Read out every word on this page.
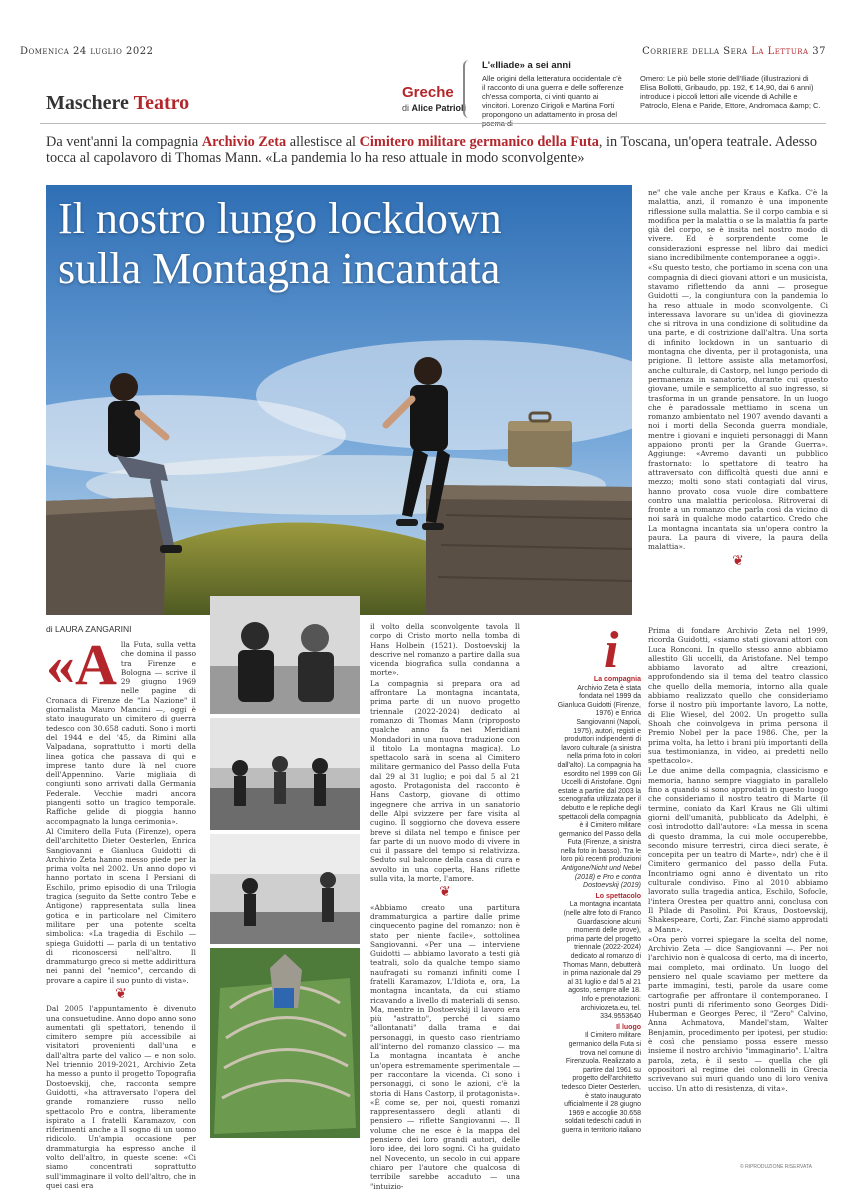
Domenica 24 luglio 2022	Corriere della Sera La Lettura 37
Maschere Teatro	Greche
di Alice Patrioli
L'«Iliade» a sei anni
Alle origini della letteratura occidentale c'è il racconto di una guerra e delle sofferenze ch'essa comporta, ci vinti quanto ai vincitori. Lorenzo Cirigoli e Martina Forti propongono un adattamento in prosa del
Omero: Le più belle storie dell'Iliade (illustrazioni di Elisa Bollotti, Gribaudo, pp. 192, € 14,90, dai 6 anni) introduce i piccoli lettori alle vicende di Achille e Patroclo, Elena e Paride, Ettore, Andromaca &amp; C.
Da vent'anni la compagnia Archivio Zeta allestisce al Cimitero militare germanico della Futa, in Toscana, un'opera teatrale. Adesso tocca al capolavoro di Thomas Mann. «La pandemia lo ha reso attuale in modo sconvolgente»
Il nostro lungo lockdown
sulla Montagna incantata

ne" che vale anche per Kraus e Kafka. C'è la malattia, anzi, il romanzo è una imponente riflessione sulla malattia. Se il corpo cambia e si modifica per la malattia o se la malattia fa parte già del corpo, se è insita nel nostro modo di vivere. Ed è sorprendente come le considerazioni espresse nel libro dai medici siano incredibilmente contemporanee a oggi».

«Su questo testo, che portiamo in scena con una compagnia di dieci giovani attori e un musicista, stavamo riflettendo da anni — prosegue Guidotti —, la congiuntura con la pandemia lo ha reso attuale in modo sconvolgente. Ci interessava lavorare su un'idea di giovinezza che si ritrova in una condizione di solitudine da una parte, e di costrizione dall'altra. Una sorta di infinito lockdown in un santuario di montagna che diventa, per il protagonista, una prigione. Il lettore assiste alla metamorfosi, anche culturale, di Castorp, nel lungo periodo di permanenza in sanatorio, durante cui questo giovane, umile e semplicetto al suo ingresso, si trasforma in un grande pensatore. In un luogo che è paradossale mettiamo in scena un romanzo ambientato nel 1907 avendo davanti a noi i morti della Seconda guerra mondiale, mentre i giovani e inquieti personaggi di Mann appaiono pronti per la Grande Guerra». Aggiunge: «Avremo davanti un pubblico frastornato: lo spettatore di teatro ha attraversato con difficoltà questi due anni e mezzo; molti sono stati contagiati dal virus, hanno provato cosa vuole dire combattere contro una malattia pericolosa. Ritroverai di fronte a un romanzo che parla così da vicino di noi sarà in qualche modo catartico. Credo che La montagna incantata sia un'opera contro la paura. La paura di vivere, la paura della malattia».

❦
di LAURA ZANGARINI

«A lla Futa, sulla vetta che domina il passo tra Firenze e Bologna — scrive il 29 giugno 1969 nelle pagine di Cronaca di Firenze de "La Nazione" il giornalista Mauro Mancini —, oggi è stato inaugurato un cimitero di guerra tedesco con 30.658 caduti. Sono i morti del 1944 e del '45, da Rimini alla Valpadana, soprattutto i morti della linea gotica che passava di qui e imprese tanto dure là nel cuore dell'Appennino. Varie migliaia di congiunti sono arrivati dalla Germania Federale. Vecchie madri ancora piangenti sotto un tragico temporale. Raffiche gelide di pioggia hanno accompagnato la lunga cerimonia».

Al Cimitero della Futa (Firenze), opera dell'architetto Dieter Oesterlen, Enrica Sangiovanni e Gianluca Guidotti di Archivio Zeta hanno messo piede per la prima volta nel 2002. Un anno dopo vi hanno portato in scena I Persiani di Eschilo, primo episodio di una Trilogia tragica (seguito da Sette contro Tebe e Antigone) rappresentata sulla linea gotica e in particolare nel Cimitero militare per una potente scelta simbolica: «La tragedia di Eschilo — spiega Guidotti — parla di un tentativo di riconoscersi nell'altro. Il drammaturgo greco si mette addirittura nei panni del "nemico", cercando di provare a capire il suo punto di vista».

❦

Dal 2005 l'appuntamento è divenuto una consuetudine. Anno dopo anno sono aumentati gli spettatori, tenendo il cimitero sempre più accessibile ai visitatori provenienti dall'una e dall'altra parte del valico — e non solo. Nel triennio 2019-2021, Archivio Zeta ha messo a punto il progetto Topografia Dostoevskij, che, racconta sempre Guidotti, «ha attraversato l'opera del grande romanziere russo nello spettacolo Pro e contra, liberamente ispirato a I fratelli Karamazov, con riferimenti anche a Il sogno di un uomo ridicolo. Un'ampia occasione per drammaturgia ha espresso anche il volto dell'altro, in queste scene: «Ci siamo concentrati soprattutto sull'immaginare il volto dell'altro, che in quei casi era

il volto della sconvolgente tavola Il corpo di Cristo morto nella tomba di Hans Holbein (1521). Dostoevskij la descrive nel romanzo a partire dalla sua vicenda biografica sulla condanna a morte».

La compagnia si prepara ora ad affrontare La montagna incantata, prima parte di un nuovo progetto triennale (2022-2024) dedicato al romanzo di Thomas Mann (riproposto qualche anno fa nei Meridiani Mondadori in una nuova traduzione con il titolo La montagna magica). Lo spettacolo sarà in scena al Cimitero militare germanico del Passo della Futa dal 29 al 31 luglio; e poi dal 5 al 21 agosto. Protagonista del racconto è Hans Castorp, giovane di ottimo ingegnere che arriva in un sanatorio delle Alpi svizzere per fare visita al cugino. Il soggiorno che doveva essere breve si dilata nel tempo e finisce per far parte di un nuovo modo di vivere in cui il passare del tempo si relativizza. Seduto sul balcone della casa di cura e avvolto in una coperta, Hans riflette sulla vita, la morte, l'amore.

❦

«Abbiamo creato una partitura drammaturgica a partire dalle prime cinquecento pagine del romanzo: non è stato per niente facile», sottolinea Sangiovanni. «Per una — interviene Guidotti — abbiamo lavorato a testi già teatrali, solo da qualche tempo siamo naufragati su romanzi infiniti come I fratelli Karamazov, L'Idiota e, ora, La montagna incantata, da cui stiamo ricavando a livello di materiali di senso. Ma, mentre in Dostoevskij il lavoro era più "astratto", perché ci siamo "allontanati" dalla trama e dai personaggi, in questo caso rientriamo all'interno del romanzo classico — ma La montagna incantata è anche un'opera estremamente sperimentale — per raccontare la vicenda. Ci sono i personaggi, ci sono le azioni, c'è la storia di Hans Castorp, il protagonista». «È come se, per noi, questi romanzi rappresentassero degli atlanti di pensiero — riflette Sangiovanni —. Il volume che ne esce è la mappa del pensiero dei loro grandi autori, delle loro idee, dei loro sogni. Ci ha guidato nel Novecento, un secolo in cui appare chiaro per l'autore che qualcosa di terribile sarebbe accaduto — una "intuizio-

i
La compagnia
Archivio Zeta è stata fondata nel 1999 da Gianluca Guidotti (Firenze, 1976) e Enrica Sangiovanni (Napoli, 1975), autori, registi e produttori indipendenti di lavoro culturale (a sinistra nella prima foto in colori dall'alto). La compagnia ha esordito nel 1999 con Gli Uccelli di Aristofane. Ogni estate a partire dal 2003 la scenografia utilizzata per il debutto e le repliche degli spettacoli della compagnia è il Cimitero militare germanico del Passo della Futa (Firenze, a sinistra nella foto in basso). Tra le loro più recenti produzioni
Antigone/Nicht und Nebel (2018) e Pro e contra Dostoevskij (2019)
Lo spettacolo
La montagna incantata (nelle altre foto di Franco Guardascione alcuni momenti delle prove), prima parte del progetto triennale (2022-2024) dedicato al romanzo di Thomas Mann, debutterà in prima nazionale dal 29 al 31 luglio e dal 5 al 21 agosto, sempre alle 18. Info e prenotazioni: archiviozeta.eu, tel. 334.9553640
Il luogo
Il Cimitero militare germanico della Futa si trova nel comune di Firenzuola. Realizzato a partire dal 1961 su progetto dell'architetto tedesco Dieter Oesterlen, è stato inaugurato ufficialmente il 28 giugno 1969 e accoglie 30.658 soldati tedeschi caduti in guerra in territorio italiano

Prima di fondare Archivio Zeta nel 1999, ricorda Guidotti, «siamo stati giovani attori con Luca Ronconi. In quello stesso anno abbiamo allestito Gli uccelli, da Aristofane. Nel tempo abbiamo lavorato ad altre creazioni, approfondendo sia il tema del teatro classico che quello della memoria, intorno alla quale abbiamo realizzato quello che consideriamo forse il nostro più importante lavoro, La notte, di Elie Wiesel, del 2002. Un progetto sulla Shoah che coinvolgeva in prima persona il Premio Nobel per la pace 1986. Che, per la prima volta, ha letto i brani più importanti della sua testimonianza, in video, ai predetti nello spettacolo».

Le due anime della compagnia, classicismo e memoria, hanno sempre viaggiato in parallelo fino a quando si sono approdati in questo luogo che consideriamo il nostro teatro di Marte (il termine, coniato da Karl Kraus ne Gli ultimi giorni dell'umanità, pubblicato da Adelphi, è così introdotto dall'autore: «La messa in scena di questo dramma, la cui mole occuperebbe, secondo misure terrestri, circa dieci serate, è concepita per un teatro di Marte», ndr) che è il Cimitero germanico del passo della Futa. Incontriamo ogni anno è diventato un rito culturale condiviso. Fino al 2010 abbiamo lavorato sulla tragedia antica, Eschilo, Sofocle, l'intera Orestea per quattro anni, conclusa con Il Pilade di Pasolini. Poi Kraus, Dostoevskij, Shakespeare, Corti, Zar. Finché siamo approdati a Mann».

«Ora però vorrei spiegare la scelta del nome, Archivio Zeta — dice Sangiovanni —. Per noi l'archivio non è qualcosa di certo, ma di incerto, mai completo, mai ordinato. Un luogo del pensiero nel quale scaviamo per mettere da parte immagini, testi, parole da usare come cartografie per affrontare il contemporaneo. I nostri punti di riferimento sono Georges Didi-Huberman e Georges Perec, il "Zero" Calvino, Anna Achmatova, Mandel'stam, Walter Benjamin, procedimento per ipotesi, per studio: è così che pensiamo possa essere messo insieme il nostro archivio "immaginario". L'altra parola, zeta, è il sesto — quella che gli oppositori al regime dei colonnelli in Grecia scrivevano sui muri quando uno di loro veniva ucciso. Un atto di resistenza, di vita».

© RIPRODUZIONE RISERVATA
